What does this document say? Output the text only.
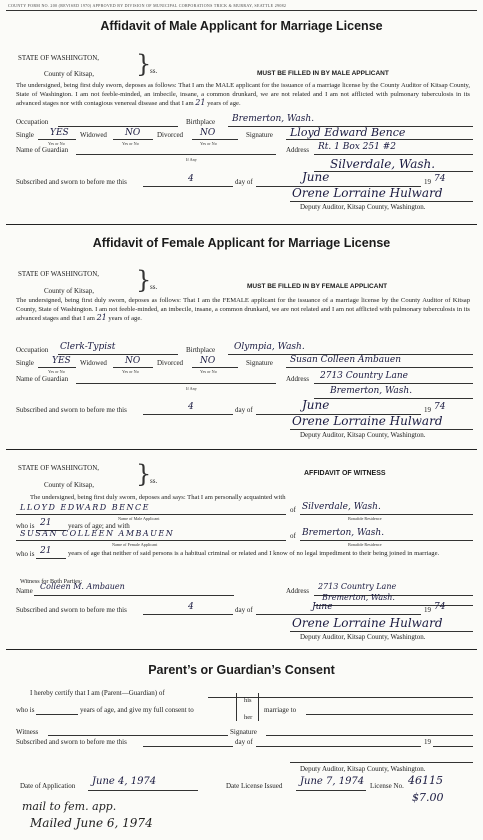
COUNTY FORM NO. 200 (REVISED 1970) APPROVED BY DIVISION OF MUNICIPAL CORPORATIONS TRICK & MURRAY, SEATTLE 29082
Affidavit of Male Applicant for Marriage License
STATE OF WASHINGTON,
County of Kitsap, }
ss.	MUST BE FILLED IN BY MALE APPLICANT
The undersigned, being first duly sworn, deposes as follows: That I am the MALE applicant for the issuance of a marriage license by the County Auditor of Kitsap County, State of Washington. I am not feeble-minded, an imbecile, insane, a common drunkard, we are not related and I am not afflicted with pulmonary tuberculosis in its advanced stages nor with contagious venereal disease and that I am 21 years of age.
Occupation	Birthplace Bremerton, Wash.
Single YES Widowed NO Divorced NO	Signature Lloyd Edward Bence
Yes or No	Yes or No	Yes or No
Name of Guardian
If Any
Address Rt. 1 Box 251 #2
Silverdale, Wash.
Subscribed and sworn to before me this	4	day of	June	19 74
Orene Lorraine Hulward
Deputy Auditor, Kitsap County, Washington.
Affidavit of Female Applicant for Marriage License
STATE OF WASHINGTON,
County of Kitsap, }
ss.	MUST BE FILLED IN BY FEMALE APPLICANT
The undersigned, being first duly sworn, deposes as follows: That I am the FEMALE applicant for the issuance of a marriage license by the County Auditor of Kitsap County, State of Washington. I am not feeble-minded, an imbecile, insane, a common drunkard, we are not related and I am not afflicted with pulmonary tuberculosis in its advanced stages and that I am 21 years of age.
Occupation Clerk-Typist	Birthplace Olympia, Wash.
Single YES Widowed NO Divorced NO	Signature Susan Colleen Ambauen
Yes or No	Yes or No	Yes or No
Name of Guardian
If Any
Address 2713 Country Lane
Bremerton, Wash.
Subscribed and sworn to before me this	4	day of	June	19 74
Orene Lorraine Hulward
Deputy Auditor, Kitsap County, Washington.
STATE OF WASHINGTON,
County of Kitsap, }
ss.
AFFIDAVIT OF WITNESS
The undersigned, being first duly sworn, deposes and says: That I am personally acquainted with
LLOYD EDWARD BENCE	of Silverdale, Wash.
Name of Male Applicant	Bonafide Residence
who is 21 years of age; and with
SUSAN COLLEEN AMBAUEN	of Bremerton, Wash.
Name of Female Applicant	Bonafide Residence
who is 21	years of age that neither of said persons is a habitual criminal or related and I know of no legal impediment to their being joined in marriage.
Witness for Both Parties:
Name Colleen M. Ambauen	Address 2713 Country Lane
Bremerton, Wash.
Subscribed and sworn to before me this	4	day of	June	19 74
Orene Lorraine Hulward
Deputy Auditor, Kitsap County, Washington.
Parent’s or Guardian’s Consent
I hereby certify that I am (Parent—Guardian) of
who is	years of age, and give my full consent to
his
her
marriage to
Witness	Signature
Subscribed and sworn to before me this	day of	19
Deputy Auditor, Kitsap County, Washington.
Date of Application June 4, 1974	Date License Issued June 7, 1974 License No. 46115
$7.00
mail to fem. app.
Mailed June 6, 1974
